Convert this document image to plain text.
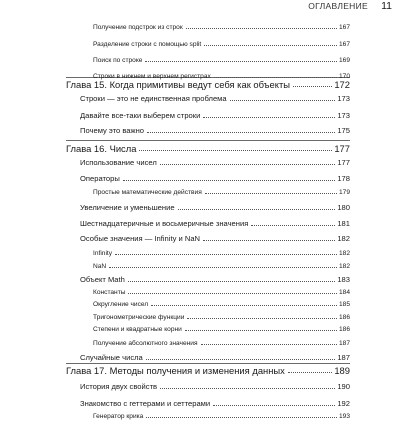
ОГЛАВЛЕНИЕ 11
Получение подстрок из строк	167
Разделение строки с помощью split	167
Поиск по строке	169
Строки в нижнем и верхнем регистрах	170
Глава 15. Когда примитивы ведут себя как объекты	172
Строки — это не единственная проблема	173
Давайте все-таки выберем строки	173
Почему это важно	175
Глава 16. Числа	177
Использование чисел	177
Операторы	178
Простые математические действия	179
Увеличение и уменьшение	180
Шестнадцатеричные и восьмеричные значения	181
Особые значения — Infinity и NaN	182
Infinity	182
NaN	182
Объект Math	183
Константы	184
Округление чисел	185
Тригонометрические функции	186
Степени и квадратные корни	186
Получение абсолютного значения	187
Случайные числа	187
Глава 17. Методы получения и изменения данных	189
История двух свойств	190
Знакомство с геттерами и сеттерами	192
Генератор крика	193
